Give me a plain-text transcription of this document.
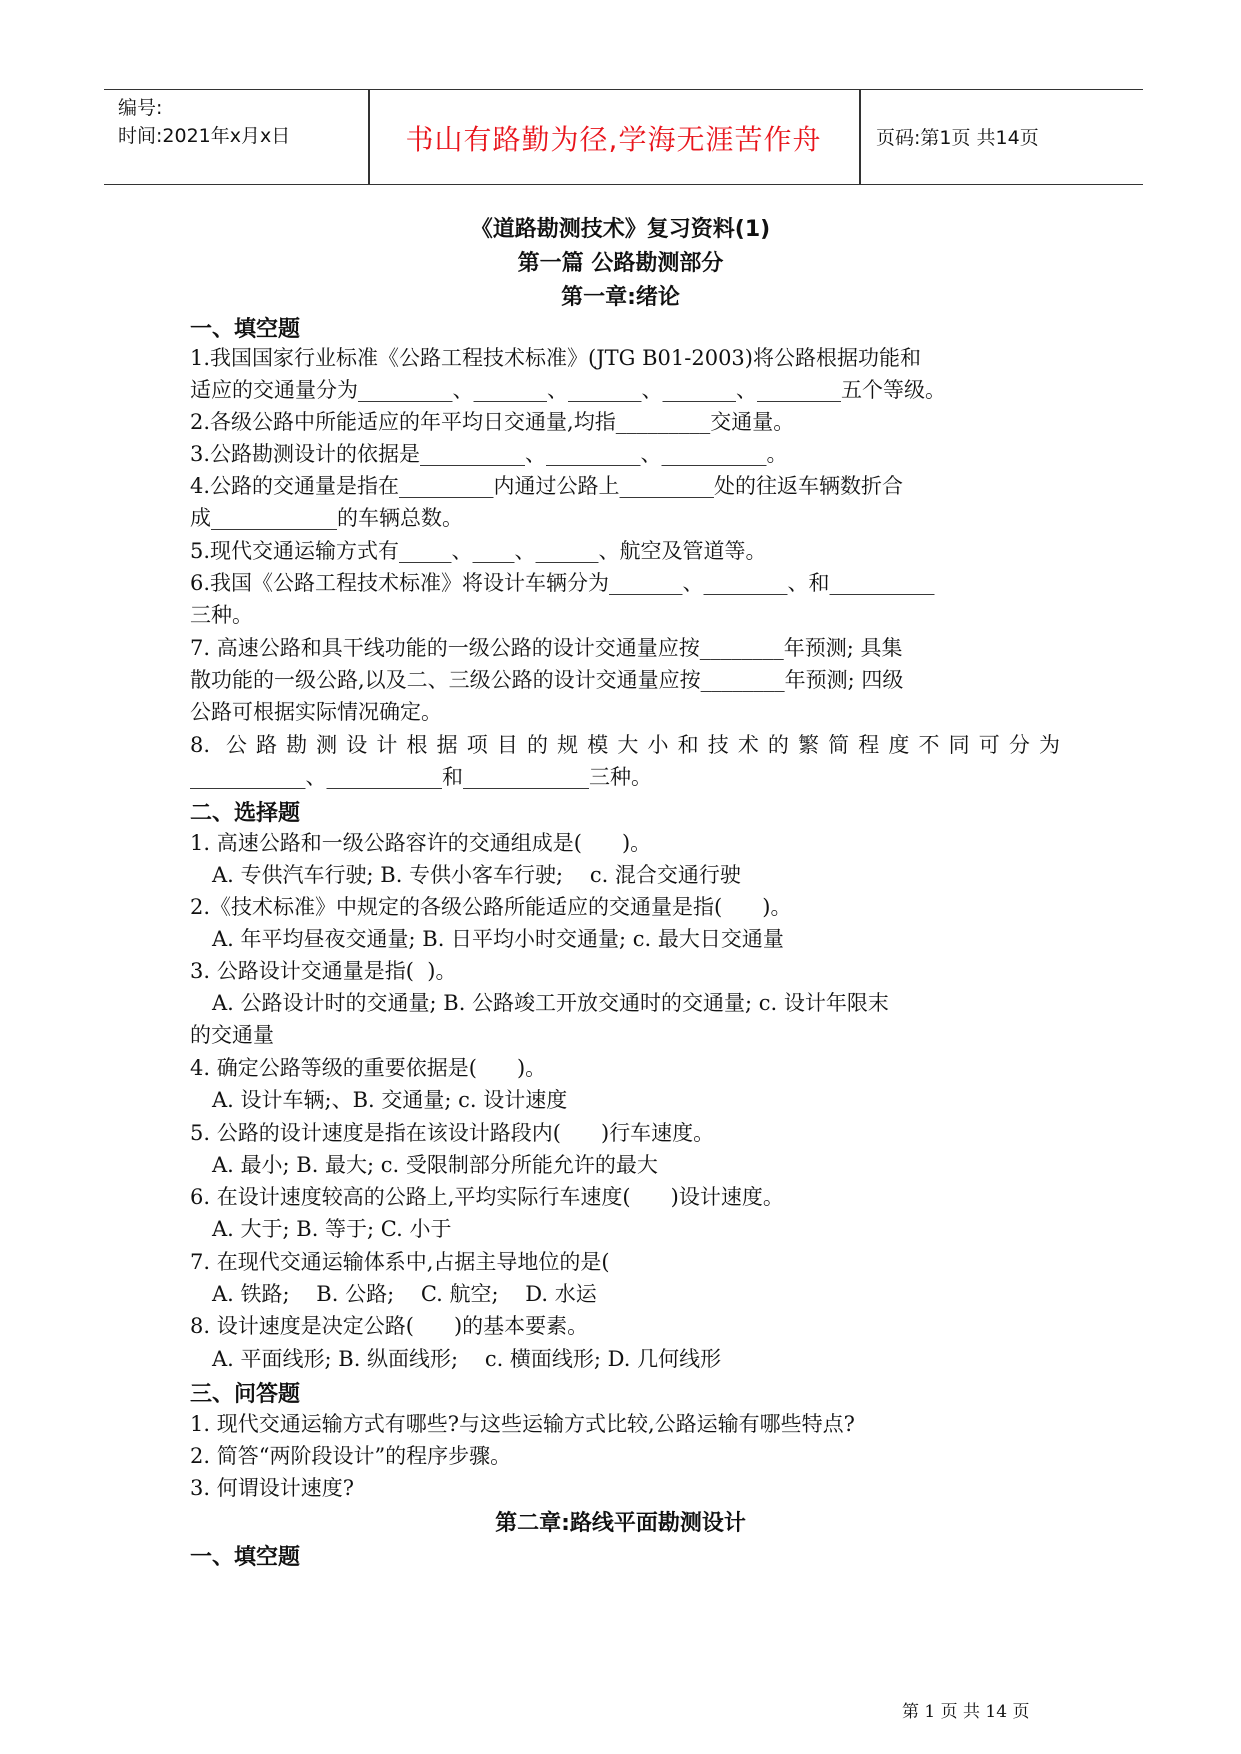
编号:
时间:2021年x月x日	书山有路勤为径,学海无涯苦作舟	页码:第1页 共14页
《道路勘测技术》复习资料(1)
第一篇 公路勘测部分
第一章:绪论
一、填空题
1.我国国家行业标准《公路工程技术标准》(JTG B01-2003)将公路根据功能和
适应的交通量分为_________、_______、_______、_______、________五个等级。
2.各级公路中所能适应的年平均日交通量,均指_________交通量。
3.公路勘测设计的依据是__________、_________、__________。
4.公路的交通量是指在_________内通过公路上_________处的往返车辆数折合
成____________的车辆总数。
5.现代交通运输方式有_____、____、______、航空及管道等。
6.我国《公路工程技术标准》将设计车辆分为_______、________、和__________
三种。
7. 高速公路和具干线功能的一级公路的设计交通量应按________年预测; 具集
散功能的一级公路,以及二、三级公路的设计交通量应按________年预测; 四级
公路可根据实际情况确定。
8. 公路勘测设计根据项目的规模大小和技术的繁简程度不同可分为
___________、___________和____________三种。
二、选择题
1. 高速公路和一级公路容许的交通组成是(      )。
A. 专供汽车行驶; B. 专供小客车行驶;    c. 混合交通行驶
2.《技术标准》中规定的各级公路所能适应的交通量是指(      )。
A. 年平均昼夜交通量; B. 日平均小时交通量; c. 最大日交通量
3. 公路设计交通量是指(  )。
A. 公路设计时的交通量; B. 公路竣工开放交通时的交通量; c. 设计年限末
的交通量
4. 确定公路等级的重要依据是(      )。
A. 设计车辆;、B. 交通量; c. 设计速度
5. 公路的设计速度是指在该设计路段内(      )行车速度。
A. 最小; B. 最大; c. 受限制部分所能允许的最大
6. 在设计速度较高的公路上,平均实际行车速度(      )设计速度。
A. 大于; B. 等于; C. 小于
7. 在现代交通运输体系中,占据主导地位的是(
A. 铁路;    B. 公路;    C. 航空;    D. 水运
8. 设计速度是决定公路(      )的基本要素。
A. 平面线形; B. 纵面线形;    c. 横面线形; D. 几何线形
三、问答题
1. 现代交通运输方式有哪些?与这些运输方式比较,公路运输有哪些特点?
2. 简答“两阶段设计”的程序步骤。
3. 何谓设计速度?
第二章:路线平面勘测设计
一、填空题
第 1 页 共 14 页
